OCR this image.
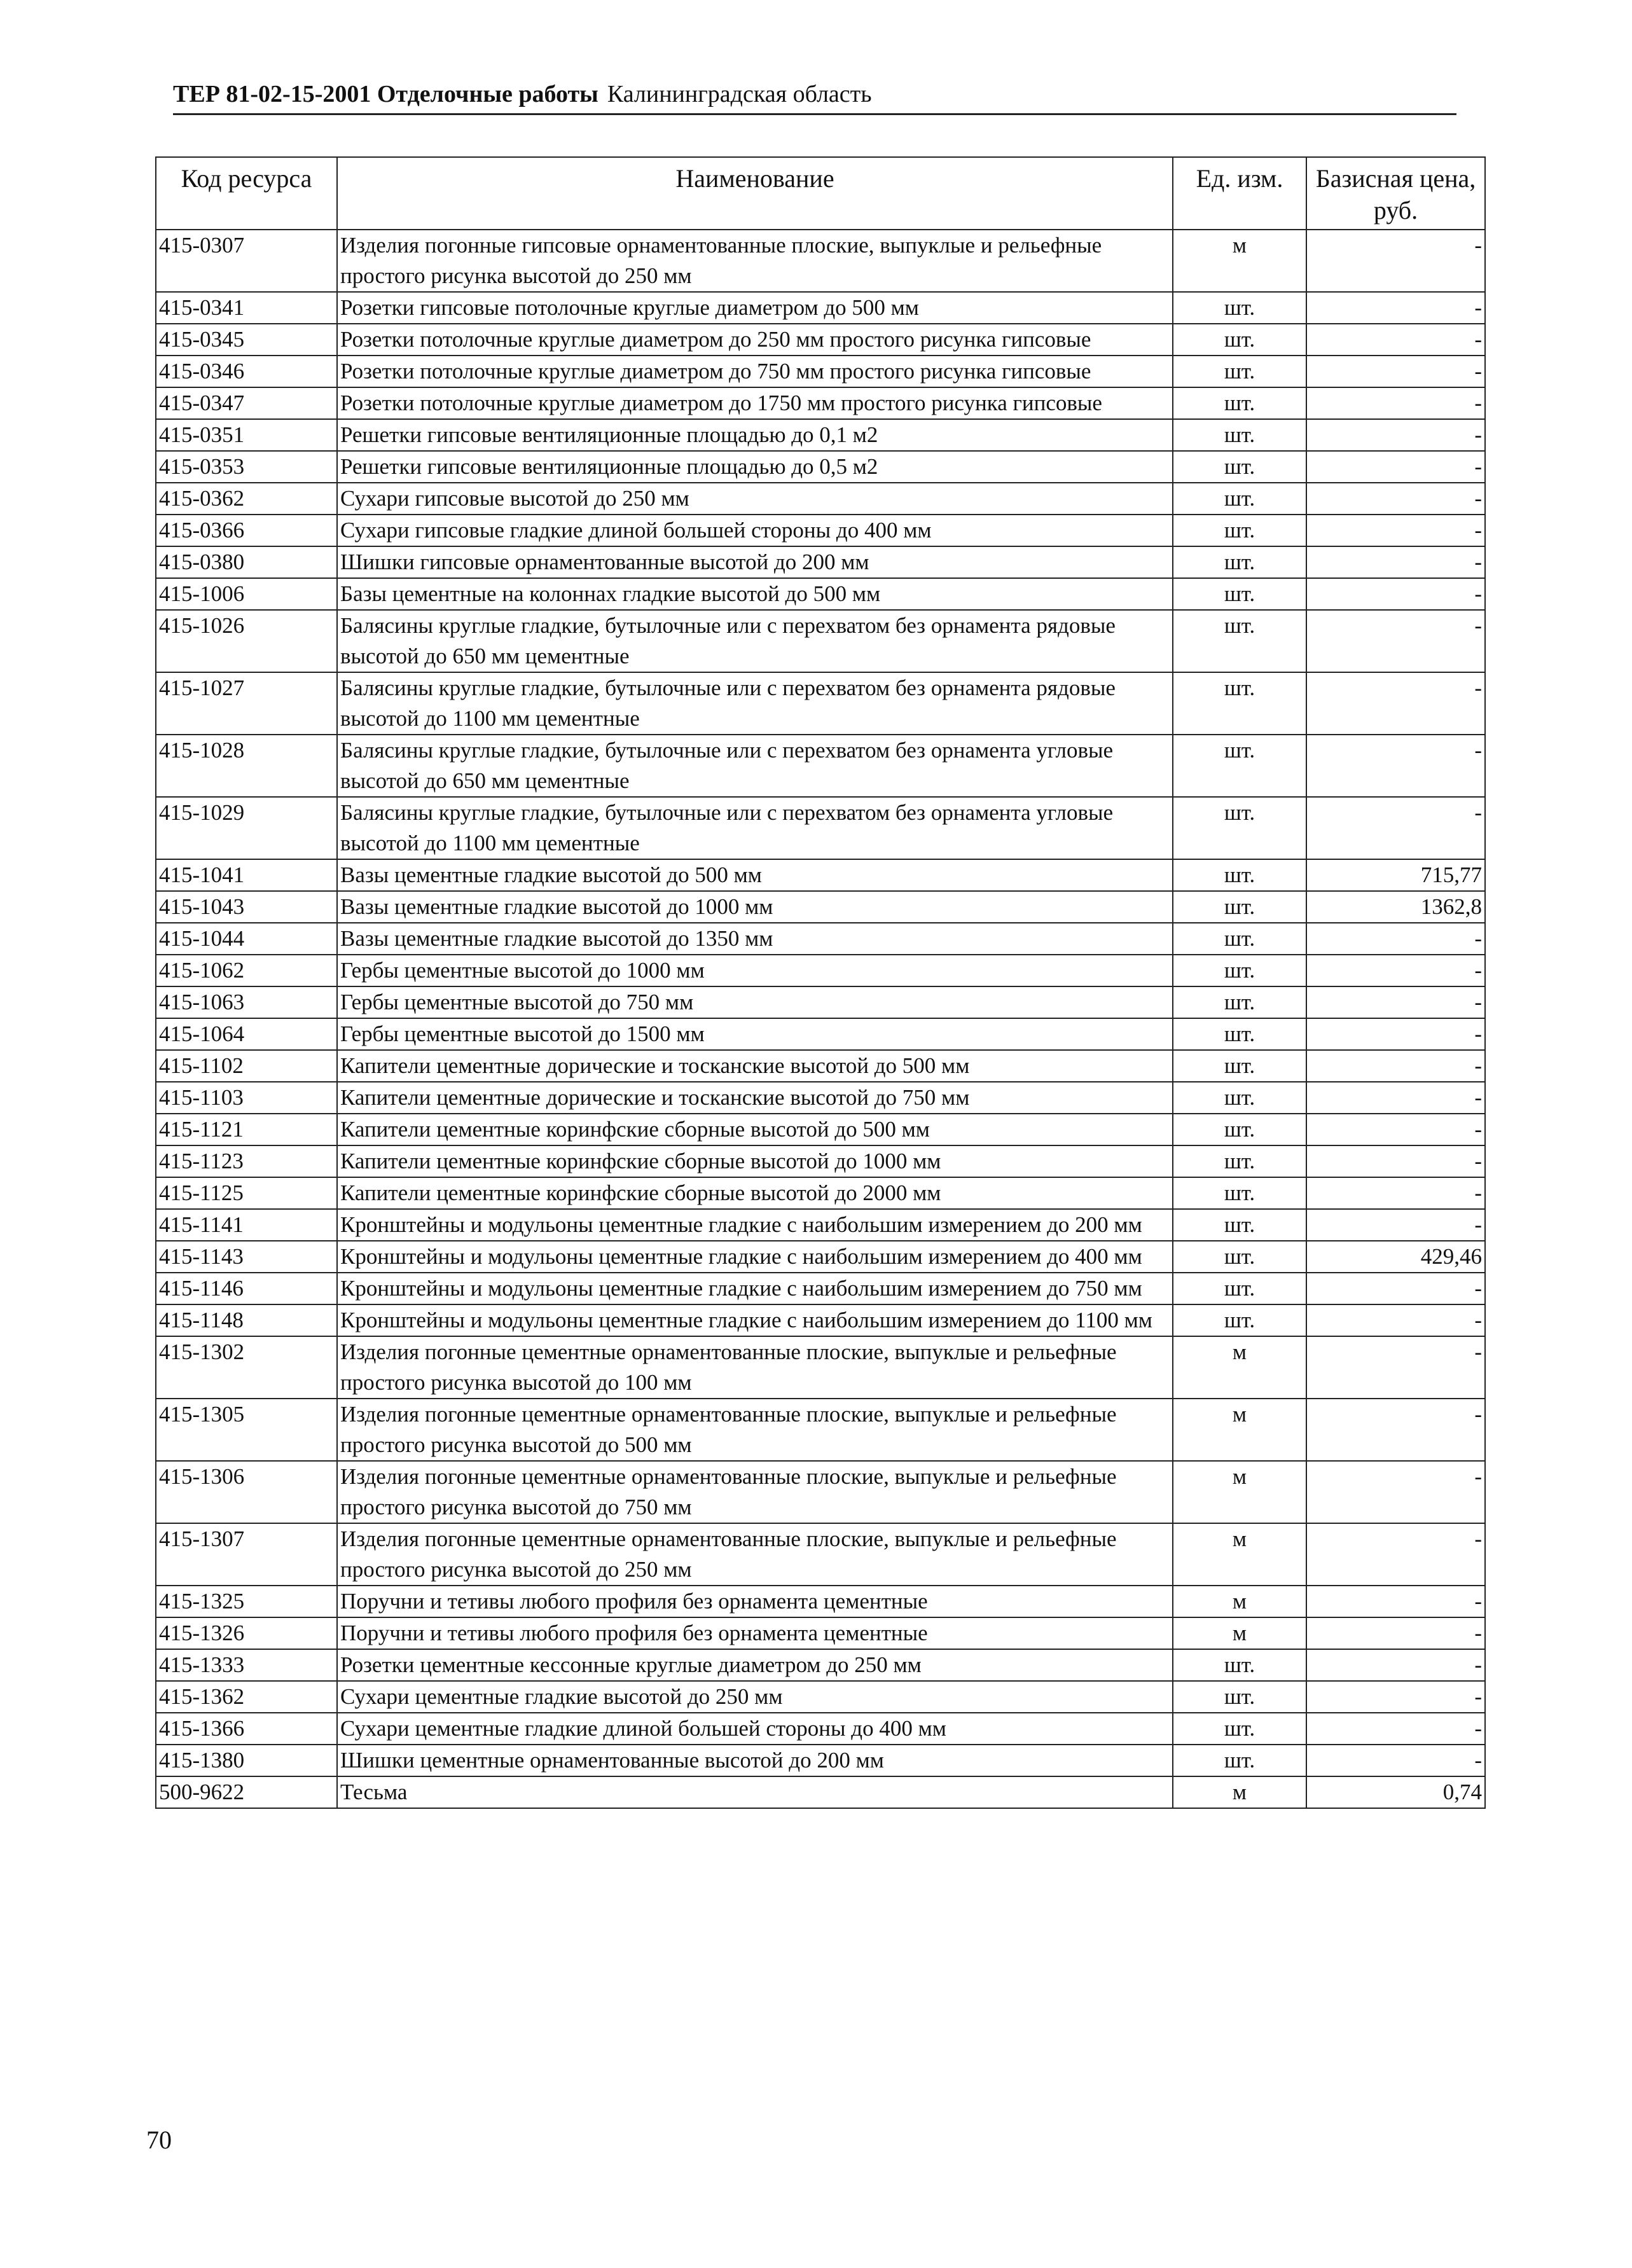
ТЕР 81-02-15-2001 Отделочные работы Калининградская область
Код ресурса	Наименование	Ед. изм.	Базисная цена, руб.
415-0307	Изделия погонные гипсовые орнаментованные плоские, выпуклые и рельефные простого рисунка высотой до 250 мм	м	-
415-0341	Розетки гипсовые потолочные круглые диаметром до 500 мм	шт.	-
415-0345	Розетки потолочные круглые диаметром до 250 мм простого рисунка гипсовые	шт.	-
415-0346	Розетки потолочные круглые диаметром до 750 мм простого рисунка гипсовые	шт.	-
415-0347	Розетки потолочные круглые диаметром до 1750 мм простого рисунка гипсовые	шт.	-
415-0351	Решетки гипсовые вентиляционные площадью до 0,1 м2	шт.	-
415-0353	Решетки гипсовые вентиляционные площадью до 0,5 м2	шт.	-
415-0362	Сухари гипсовые высотой до 250 мм	шт.	-
415-0366	Сухари гипсовые гладкие длиной большей стороны до 400 мм	шт.	-
415-0380	Шишки гипсовые орнаментованные высотой до 200 мм	шт.	-
415-1006	Базы цементные на колоннах гладкие высотой до 500 мм	шт.	-
415-1026	Балясины круглые гладкие, бутылочные или с перехватом без орнамента рядовые высотой до 650 мм цементные	шт.	-
415-1027	Балясины круглые гладкие, бутылочные или с перехватом без орнамента рядовые высотой до 1100 мм цементные	шт.	-
415-1028	Балясины круглые гладкие, бутылочные или с перехватом без орнамента угловые высотой до 650 мм цементные	шт.	-
415-1029	Балясины круглые гладкие, бутылочные или с перехватом без орнамента угловые высотой до 1100 мм цементные	шт.	-
415-1041	Вазы цементные гладкие высотой до 500 мм	шт.	715,77
415-1043	Вазы цементные гладкие высотой до 1000 мм	шт.	1362,8
415-1044	Вазы цементные гладкие высотой до 1350 мм	шт.	-
415-1062	Гербы цементные высотой до 1000 мм	шт.	-
415-1063	Гербы цементные высотой до 750 мм	шт.	-
415-1064	Гербы цементные высотой до 1500 мм	шт.	-
415-1102	Капители цементные дорические и тосканские высотой до 500 мм	шт.	-
415-1103	Капители цементные дорические и тосканские высотой до 750 мм	шт.	-
415-1121	Капители цементные коринфские сборные высотой до 500 мм	шт.	-
415-1123	Капители цементные коринфские сборные высотой до 1000 мм	шт.	-
415-1125	Капители цементные коринфские сборные высотой до 2000 мм	шт.	-
415-1141	Кронштейны и модульоны цементные гладкие с наибольшим измерением до 200 мм	шт.	-
415-1143	Кронштейны и модульоны цементные гладкие с наибольшим измерением до 400 мм	шт.	429,46
415-1146	Кронштейны и модульоны цементные гладкие с наибольшим измерением до 750 мм	шт.	-
415-1148	Кронштейны и модульоны цементные гладкие с наибольшим измерением до 1100 мм	шт.	-
415-1302	Изделия погонные цементные орнаментованные плоские, выпуклые и рельефные простого рисунка высотой до 100 мм	м	-
415-1305	Изделия погонные цементные орнаментованные плоские, выпуклые и рельефные простого рисунка высотой до 500 мм	м	-
415-1306	Изделия погонные цементные орнаментованные плоские, выпуклые и рельефные простого рисунка высотой до 750 мм	м	-
415-1307	Изделия погонные цементные орнаментованные плоские, выпуклые и рельефные простого рисунка высотой до 250 мм	м	-
415-1325	Поручни и тетивы любого профиля без орнамента цементные	м	-
415-1326	Поручни и тетивы любого профиля без орнамента цементные	м	-
415-1333	Розетки цементные кессонные круглые диаметром до 250 мм	шт.	-
415-1362	Сухари цементные гладкие высотой до 250 мм	шт.	-
415-1366	Сухари цементные гладкие длиной большей стороны до 400 мм	шт.	-
415-1380	Шишки цементные орнаментованные высотой до 200 мм	шт.	-
500-9622	Тесьма	м	0,74
70
